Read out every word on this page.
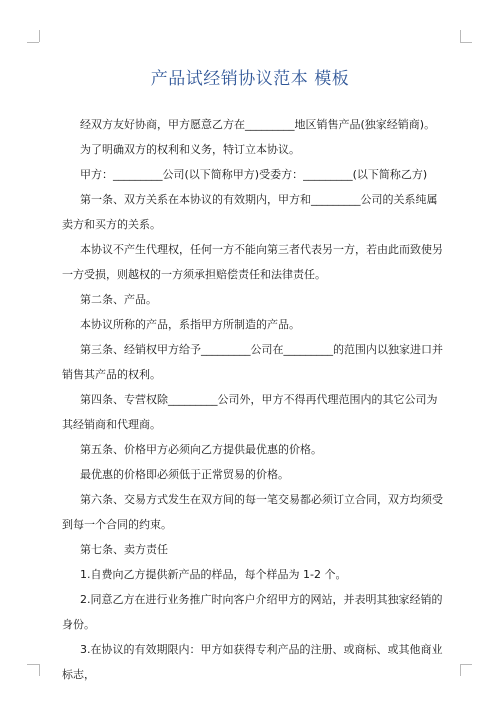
产品试经销协议范本 模板

经双方友好协商，甲方愿意乙方在_________地区销售产品(独家经销商)。

为了明确双方的权利和义务，特订立本协议。

甲方：_________公司(以下简称甲方)受委方：_________(以下简称乙方)

第一条、双方关系在本协议的有效期内，甲方和_________公司的关系纯属卖方和买方的关系。

本协议不产生代理权，任何一方不能向第三者代表另一方，若由此而致使另一方受损，则越权的一方须承担赔偿责任和法律责任。

第二条、产品。

本协议所称的产品，系指甲方所制造的产品。

第三条、经销权甲方给予_________公司在_________的范围内以独家进口并销售其产品的权利。

第四条、专营权除_________公司外，甲方不得再代理范围内的其它公司为其经销商和代理商。

第五条、价格甲方必须向乙方提供最优惠的价格。

最优惠的价格即必须低于正常贸易的价格。

第六条、交易方式发生在双方间的每一笔交易都必须订立合同，双方均须受到每一个合同的约束。

第七条、卖方责任

1.自费向乙方提供新产品的样品，每个样品为 1-2 个。

2.同意乙方在进行业务推广时向客户介绍甲方的网站，并表明其独家经销的身份。

3.在协议的有效期限内：甲方如获得专利产品的注册、或商标、或其他商业标志，
